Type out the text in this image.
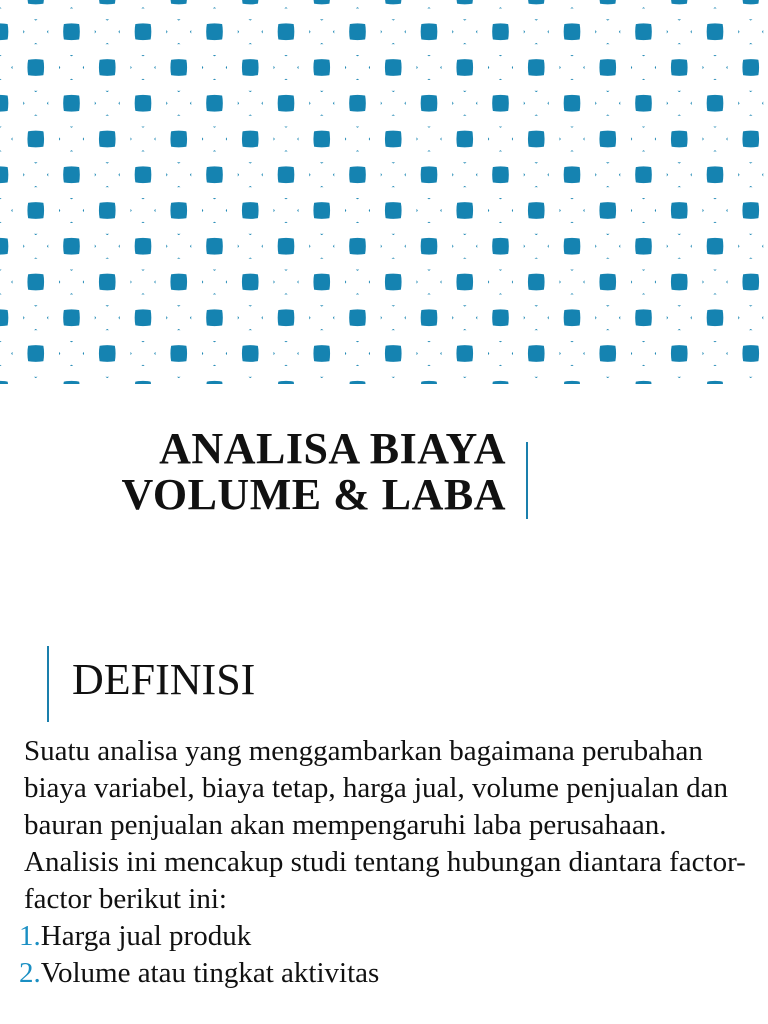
ANALISA BIAYA
VOLUME & LABA
DEFINISI

Suatu analisa yang menggambarkan bagaimana perubahan biaya variabel, biaya tetap, harga jual, volume penjualan dan bauran penjualan akan mempengaruhi laba perusahaan.

Analisis ini mencakup studi tentang hubungan diantara factor-factor berikut ini:

1.Harga jual produk
2.Volume atau tingkat aktivitas
